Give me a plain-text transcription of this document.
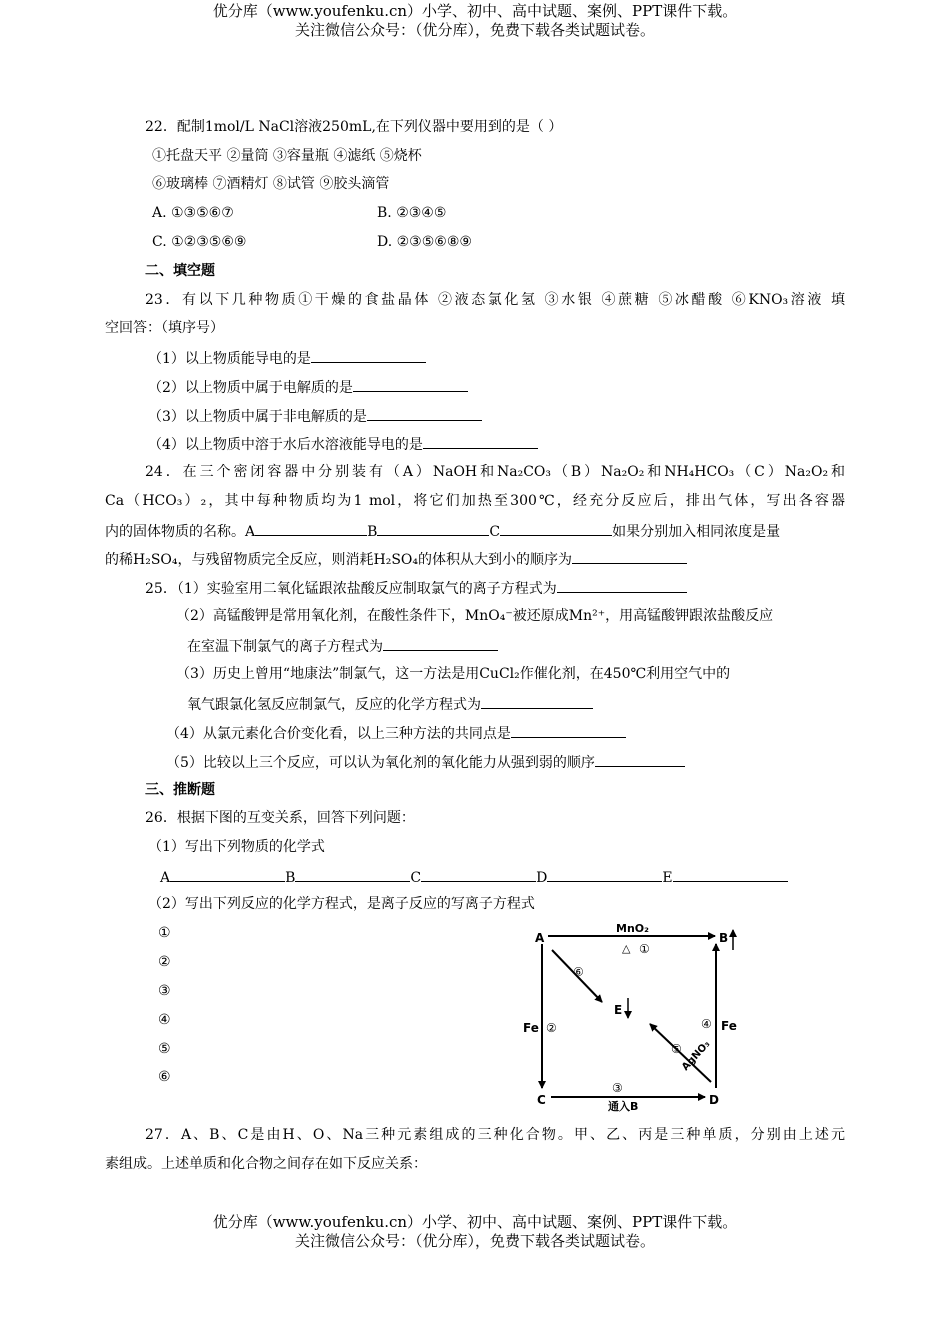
优分库（www.youfenku.cn）小学、初中、高中试题、案例、PPT课件下载。
关注微信公众号：（优分库），免费下载各类试题试卷。
22．配制1mol/L NaCl溶液250mL,在下列仪器中要用到的是（ ）
①托盘天平 ②量筒 ③容量瓶 ④滤纸 ⑤烧杯
⑥玻璃棒 ⑦酒精灯 ⑧试管 ⑨胶头滴管
A. ①③⑤⑥⑦	B. ②③④⑤
C. ①②③⑤⑥⑨	D. ②③⑤⑥⑧⑨
二、填空题
23．有以下几种物质①干燥的食盐晶体 ②液态氯化氢 ③水银 ④蔗糖 ⑤冰醋酸 ⑥KNO₃溶液 填
空回答：（填序号）
（1）以上物质能导电的是
（2）以上物质中属于电解质的是
（3）以上物质中属于非电解质的是
（4）以上物质中溶于水后水溶液能导电的是
24．在三个密闭容器中分别装有（A）NaOH和Na₂CO₃（B）Na₂O₂和NH₄HCO₃（C）Na₂O₂和
Ca（HCO₃）₂，其中每种物质均为1 mol，将它们加热至300℃，经充分反应后，排出气体，写出各容器
内的固体物质的名称。A	B	C	如果分别加入相同浓度是量
的稀H₂SO₄，与残留物质完全反应，则消耗H₂SO₄的体积从大到小的顺序为
25．（1）实验室用二氧化锰跟浓盐酸反应制取氯气的离子方程式为
（2）高锰酸钾是常用氧化剂，在酸性条件下，MnO₄⁻被还原成Mn²⁺，用高锰酸钾跟浓盐酸反应
在室温下制氯气的离子方程式为
（3）历史上曾用“地康法”制氯气，这一方法是用CuCl₂作催化剂，在450℃利用空气中的
氧气跟氯化氢反应制氯气，反应的化学方程式为
（4）从氯元素化合价变化看，以上三种方法的共同点是
（5）比较以上三个反应，可以认为氧化剂的氧化能力从强到弱的顺序
三、推断题
26．根据下图的互变关系，回答下列问题：
（1）写出下列物质的化学式
A	B	C	D	E
（2）写出下列反应的化学方程式，是离子反应的写离子方程式
①
②
③
④
⑤
⑥
A	B
C	D
E
MnO₂
△ ①
Fe ②
通入B
③
④ Fe
⑥
⑤
AgNO₃
27．A、B、C是由H、O、Na三种元素组成的三种化合物。甲、乙、丙是三种单质，分别由上述元
素组成。上述单质和化合物之间存在如下反应关系：
优分库（www.youfenku.cn）小学、初中、高中试题、案例、PPT课件下载。
关注微信公众号：（优分库），免费下载各类试题试卷。
